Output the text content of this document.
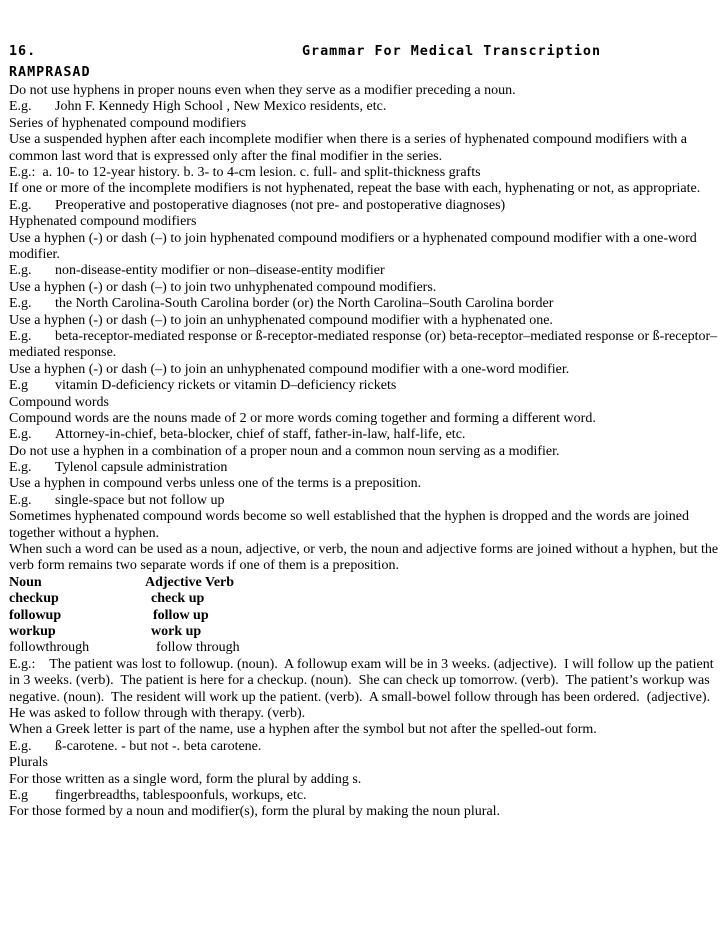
16.	Grammar For Medical Transcription
RAMPRASAD
Do not use hyphens in proper nouns even when they serve as a modifier preceding a noun.
E.g. John F. Kennedy High School , New Mexico residents, etc.
Series of hyphenated compound modifiers
Use a suspended hyphen after each incomplete modifier when there is a series of hyphenated compound modifiers with a common last word that is expressed only after the final modifier in the series.
E.g.: a. 10- to 12-year history. b. 3- to 4-cm lesion. c. full- and split-thickness grafts
If one or more of the incomplete modifiers is not hyphenated, repeat the base with each, hyphenating or not, as appropriate.
E.g. Preoperative and postoperative diagnoses (not pre- and postoperative diagnoses)
Hyphenated compound modifiers
Use a hyphen (-) or dash (–) to join hyphenated compound modifiers or a hyphenated compound modifier with a one-word modifier.
E.g. non-disease-entity modifier or non–disease-entity modifier
Use a hyphen (-) or dash (–) to join two unhyphenated compound modifiers.
E.g. the North Carolina-South Carolina border (or) the North Carolina–South Carolina border
Use a hyphen (-) or dash (–) to join an unhyphenated compound modifier with a hyphenated one.
E.g. beta-receptor-mediated response or ß-receptor-mediated response (or) beta-receptor–mediated response or ß-receptor–mediated response.
Use a hyphen (-) or dash (–) to join an unhyphenated compound modifier with a one-word modifier.
E.g vitamin D-deficiency rickets or vitamin D–deficiency rickets
Compound words
Compound words are the nouns made of 2 or more words coming together and forming a different word.
E.g. Attorney-in-chief, beta-blocker, chief of staff, father-in-law, half-life, etc.
Do not use a hyphen in a combination of a proper noun and a common noun serving as a modifier.
E.g. Tylenol capsule administration
Use a hyphen in compound verbs unless one of the terms is a preposition.
E.g. single-space but not follow up
Sometimes hyphenated compound words become so well established that the hyphen is dropped and the words are joined together without a hyphen.
When such a word can be used as a noun, adjective, or verb, the noun and adjective forms are joined without a hyphen, but the verb form remains two separate words if one of them is a preposition.
Noun	Adjective Verb
checkup	check up
followup	follow up
workup	work up
followthrough	follow through
E.g.:    The patient was lost to followup. (noun).  A followup exam will be in 3 weeks. (adjective).  I will follow up the patient in 3 weeks. (verb).  The patient is here for a checkup. (noun).  She can check up tomorrow. (verb).  The patient’s workup was negative. (noun).  The resident will work up the patient. (verb).  A small-bowel follow through has been ordered.  (adjective).  He was asked to follow through with therapy. (verb).
When a Greek letter is part of the name, use a hyphen after the symbol but not after the spelled-out form.
E.g. ß-carotene. - but not -. beta carotene.
Plurals
For those written as a single word, form the plural by adding s.
E.g fingerbreadths, tablespoonfuls, workups, etc.
For those formed by a noun and modifier(s), form the plural by making the noun plural.
